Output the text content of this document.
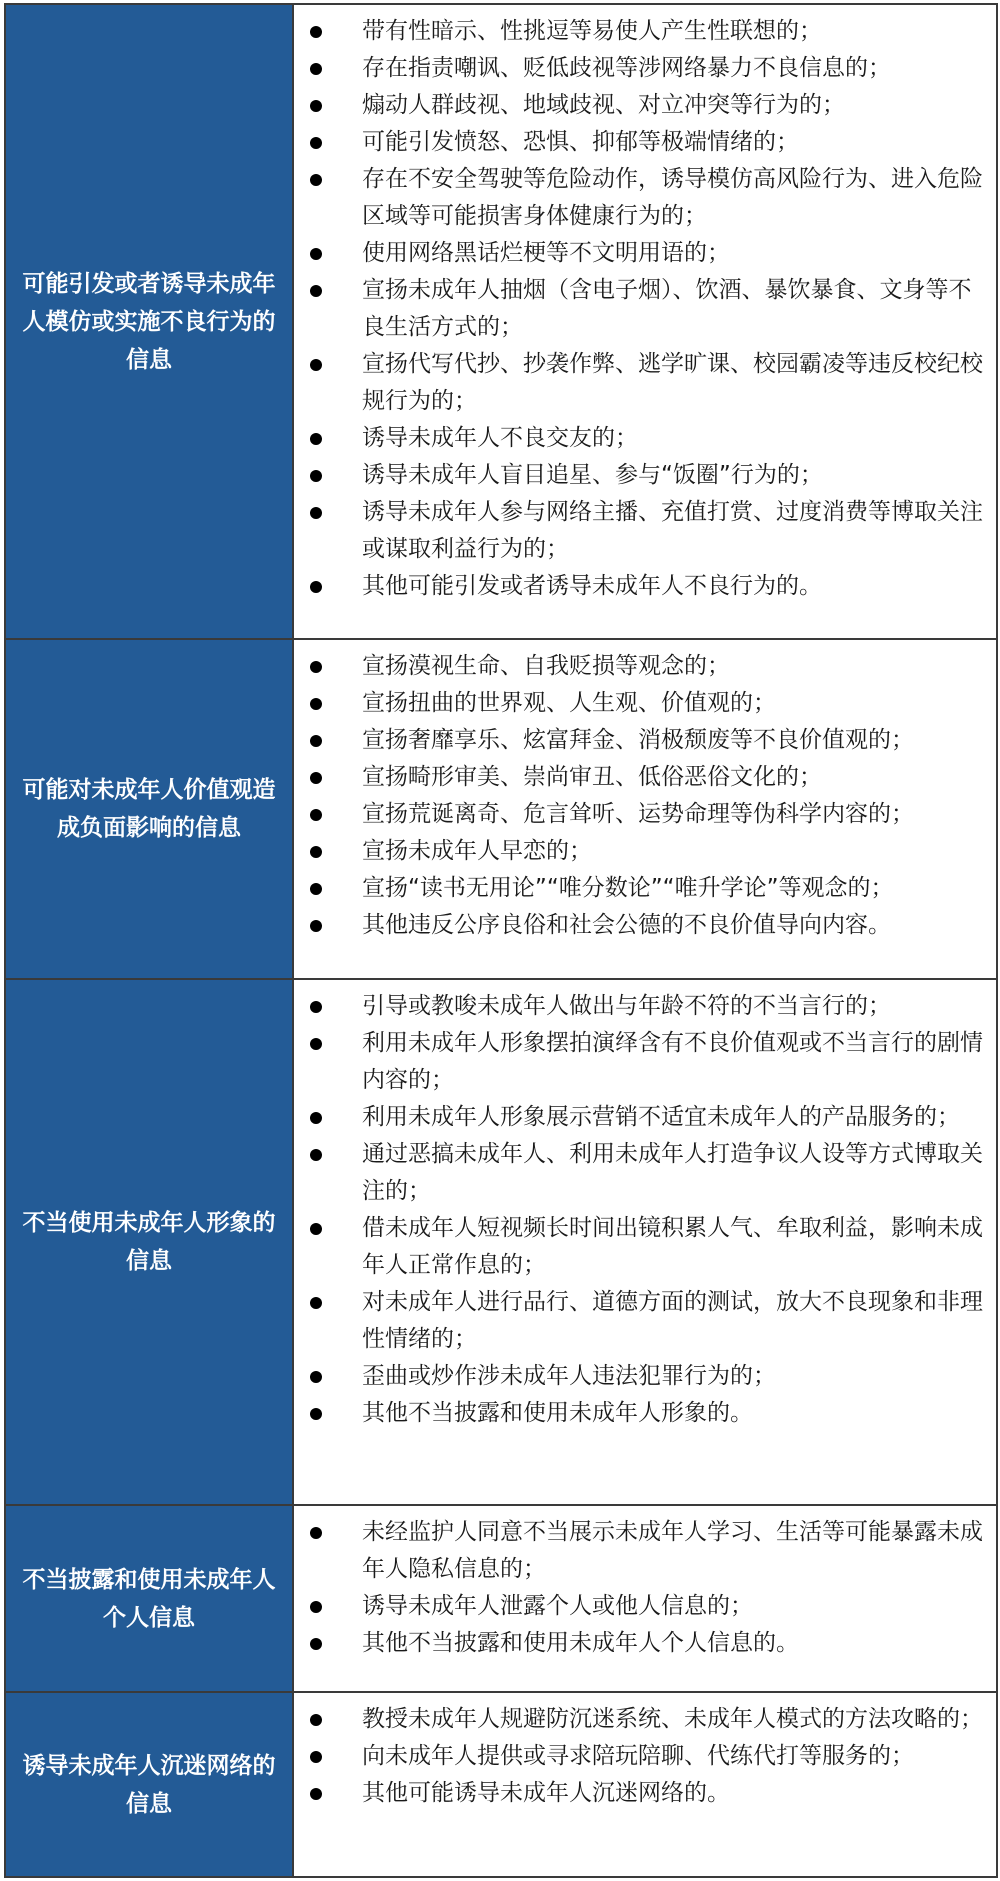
可能引发或者诱导未成年人模仿或实施不良行为的信息
带有性暗示、性挑逗等易使人产生性联想的；
存在指责嘲讽、贬低歧视等涉网络暴力不良信息的；
煽动人群歧视、地域歧视、对立冲突等行为的；
可能引发愤怒、恐惧、抑郁等极端情绪的；
存在不安全驾驶等危险动作，诱导模仿高风险行为、进入危险区域等可能损害身体健康行为的；
使用网络黑话烂梗等不文明用语的；
宣扬未成年人抽烟（含电子烟）、饮酒、暴饮暴食、文身等不良生活方式的；
宣扬代写代抄、抄袭作弊、逃学旷课、校园霸凌等违反校纪校规行为的；
诱导未成年人不良交友的；
诱导未成年人盲目追星、参与“饭圈”行为的；
诱导未成年人参与网络主播、充值打赏、过度消费等博取关注或谋取利益行为的；
其他可能引发或者诱导未成年人不良行为的。
可能对未成年人价值观造成负面影响的信息
宣扬漠视生命、自我贬损等观念的；
宣扬扭曲的世界观、人生观、价值观的；
宣扬奢靡享乐、炫富拜金、消极颓废等不良价值观的；
宣扬畸形审美、崇尚审丑、低俗恶俗文化的；
宣扬荒诞离奇、危言耸听、运势命理等伪科学内容的；
宣扬未成年人早恋的；
宣扬“读书无用论”“唯分数论”“唯升学论”等观念的；
其他违反公序良俗和社会公德的不良价值导向内容。
不当使用未成年人形象的信息
引导或教唆未成年人做出与年龄不符的不当言行的；
利用未成年人形象摆拍演绎含有不良价值观或不当言行的剧情内容的；
利用未成年人形象展示营销不适宜未成年人的产品服务的；
通过恶搞未成年人、利用未成年人打造争议人设等方式博取关注的；
借未成年人短视频长时间出镜积累人气、牟取利益，影响未成年人正常作息的；
对未成年人进行品行、道德方面的测试，放大不良现象和非理性情绪的；
歪曲或炒作涉未成年人违法犯罪行为的；
其他不当披露和使用未成年人形象的。
不当披露和使用未成年人个人信息
未经监护人同意不当展示未成年人学习、生活等可能暴露未成年人隐私信息的；
诱导未成年人泄露个人或他人信息的；
其他不当披露和使用未成年人个人信息的。
诱导未成年人沉迷网络的信息
教授未成年人规避防沉迷系统、未成年人模式的方法攻略的；
向未成年人提供或寻求陪玩陪聊、代练代打等服务的；
其他可能诱导未成年人沉迷网络的。
